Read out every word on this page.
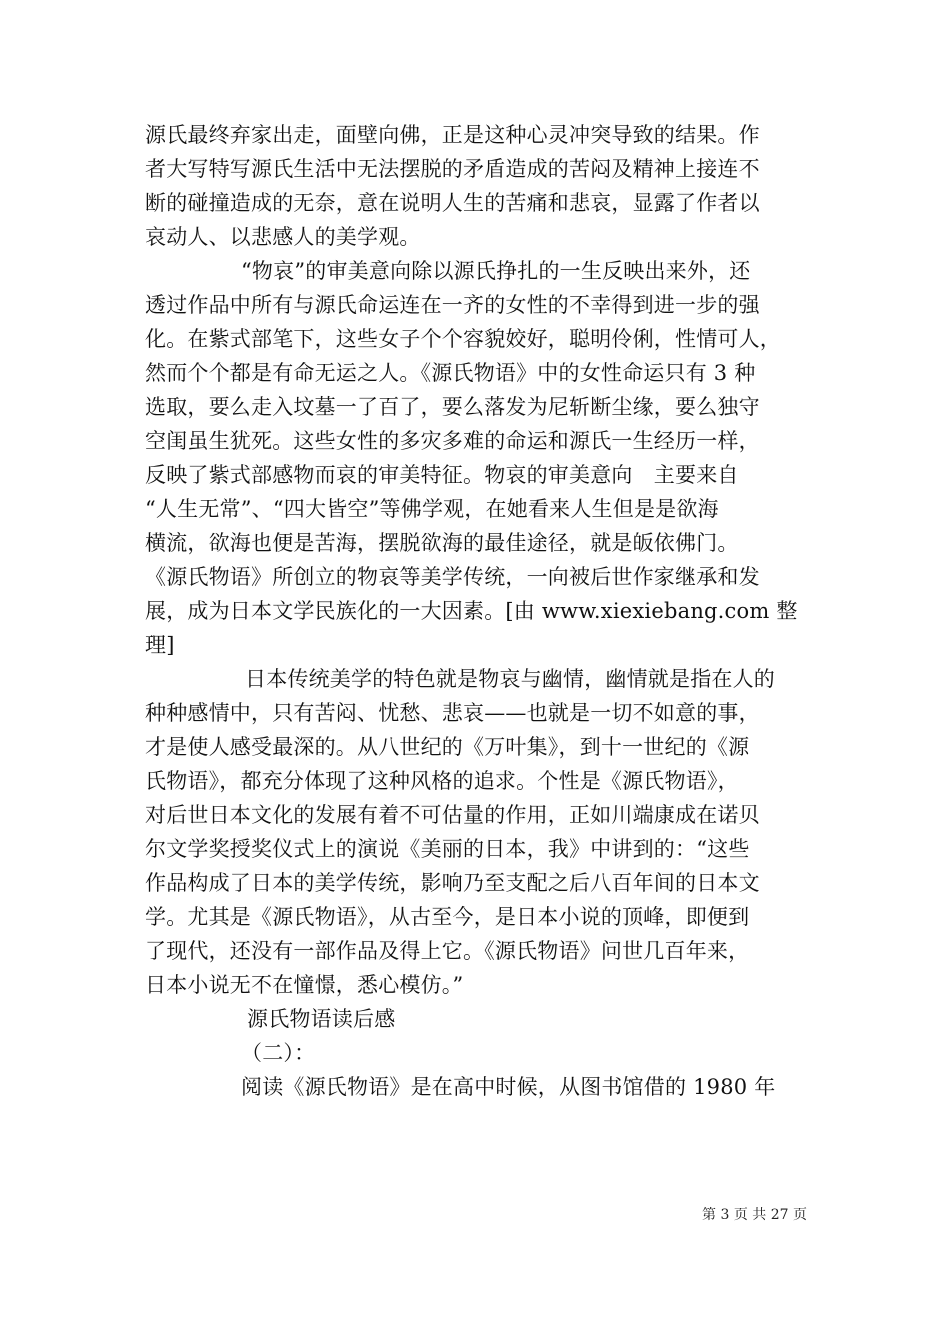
源氏最终弃家出走，面壁向佛，正是这种心灵冲突导致的结果。作
者大写特写源氏生活中无法摆脱的矛盾造成的苦闷及精神上接连不
断的碰撞造成的无奈，意在说明人生的苦痛和悲哀，显露了作者以
哀动人、以悲感人的美学观。
“物哀”的审美意向除以源氏挣扎的一生反映出来外，还
透过作品中所有与源氏命运连在一齐的女性的不幸得到进一步的强
化。在紫式部笔下，这些女子个个容貌姣好，聪明伶俐，性情可人，
然而个个都是有命无运之人。《源氏物语》中的女性命运只有 3 种
选取，要么走入坟墓一了百了，要么落发为尼斩断尘缘，要么独守
空闺虽生犹死。这些女性的多灾多难的命运和源氏一生经历一样，
反映了紫式部感物而哀的审美特征。物哀的审美意向　主要来自
“人生无常”、“四大皆空”等佛学观，在她看来人生但是是欲海
横流，欲海也便是苦海，摆脱欲海的最佳途径，就是皈依佛门。
《源氏物语》所创立的物哀等美学传统，一向被后世作家继承和发
展，成为日本文学民族化的一大因素。[由 www.xiexiebang.com 整
理]
日本传统美学的特色就是物哀与幽情，幽情就是指在人的
种种感情中，只有苦闷、忧愁、悲哀——也就是一切不如意的事，
才是使人感受最深的。从八世纪的《万叶集》，到十一世纪的《源
氏物语》，都充分体现了这种风格的追求。个性是《源氏物语》，
对后世日本文化的发展有着不可估量的作用，正如川端康成在诺贝
尔文学奖授奖仪式上的演说《美丽的日本，我》中讲到的：“这些
作品构成了日本的美学传统，影响乃至支配之后八百年间的日本文
学。尤其是《源氏物语》，从古至今，是日本小说的顶峰，即便到
了现代，还没有一部作品及得上它。《源氏物语》问世几百年来，
日本小说无不在憧憬，悉心模仿。”
源氏物语读后感
（二）：
阅读《源氏物语》是在高中时候，从图书馆借的 1980 年
第 3 页 共 27 页
